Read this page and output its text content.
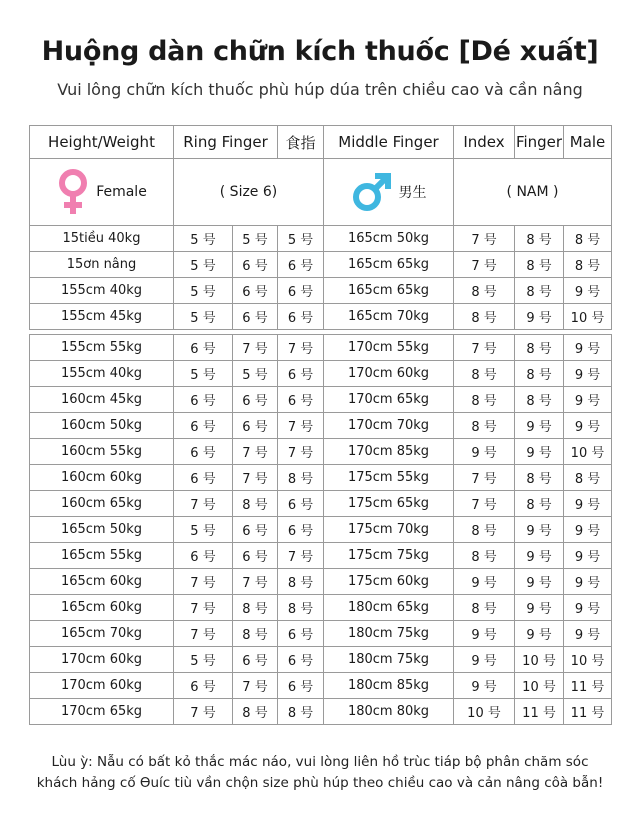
Huộng dàn chữn kích thuốc [Dé xuất]
Vui lông chữn kích thuốc phù húp dúa trên chiều cao và cần nâng
Height/Weight	Ring Finger		食指	Middle Finger	Index	Finger	Male

Female	( Size 6)			男生	( NAM )		
15tiều 40kg	5 号	5 号	5 号	165cm 50kg	7 号	8 号	8 号
15ơn nâng	5 号	6 号	6 号	165cm 65kg	7 号	8 号	8 号
155cm 40kg	5 号	6 号	6 号	165cm 65kg	8 号	8 号	9 号
155cm 45kg	5 号	6 号	6 号	165cm 70kg	8 号	9 号	10 号

155cm 55kg	6 号	7 号	7 号	170cm 55kg	7 号	8 号	9 号
155cm 40kg	5 号	5 号	6 号	170cm 60kg	8 号	8 号	9 号
160cm 45kg	6 号	6 号	6 号	170cm 65kg	8 号	8 号	9 号
160cm 50kg	6 号	6 号	7 号	170cm 70kg	8 号	9 号	9 号
160cm 55kg	6 号	7 号	7 号	170cm 85kg	9 号	9 号	10 号
160cm 60kg	6 号	7 号	8 号	175cm 55kg	7 号	8 号	8 号
160cm 65kg	7 号	8 号	6 号	175cm 65kg	7 号	8 号	9 号
165cm 50kg	5 号	6 号	6 号	175cm 70kg	8 号	9 号	9 号
165cm 55kg	6 号	6 号	7 号	175cm 75kg	8 号	9 号	9 号
165cm 60kg	7 号	7 号	8 号	175cm 60kg	9 号	9 号	9 号
165cm 60kg	7 号	8 号	8 号	180cm 65kg	8 号	9 号	9 号
165cm 70kg	7 号	8 号	6 号	180cm 75kg	9 号	9 号	9 号
170cm 60kg	5 号	6 号	6 号	180cm 75kg	9 号	10 号	10 号
170cm 60kg	6 号	7 号	6 号	180cm 85kg	9 号	10 号	11 号
170cm 65kg	7 号	8 号	8 号	180cm 80kg	10 号	11 号	11 号
Lùu ỳ: Nẫu có bất kỏ thắc mác náo, vui lòng liên hồ trùc tiáp bộ phân chăm sóc
khách hảng cố Ѳuíc tiù vần chộn size phù húp theo chiều cao và cản nâng côà bẫn!
